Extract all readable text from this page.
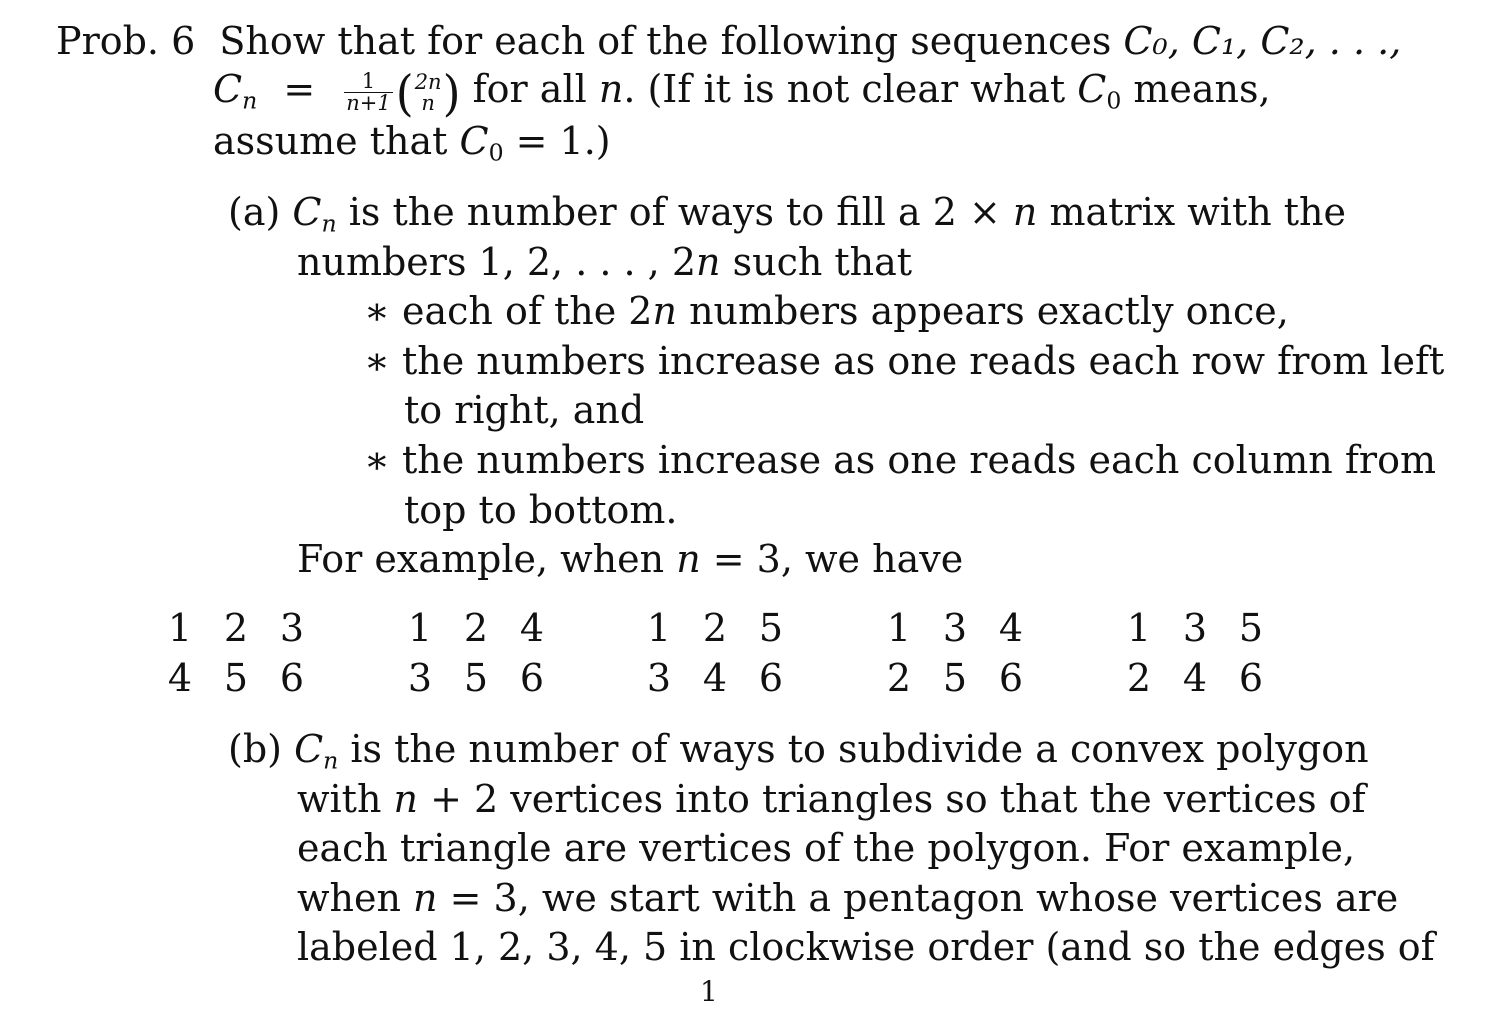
Prob. 6 Show that for each of the following sequences C₀, C₁, C₂, . . .,
$C_n = \frac{1}{n+1}$ ( 2n
n ) for all n. (If it is not clear what $C_0$ means,
assume that $C_0 = 1$.)
(a) $C_n$ is the number of ways to fill a 2 × n matrix with the
numbers 1, 2, . . . , 2n such that
∗ each of the 2n numbers appears exactly once,
∗ the numbers increase as one reads each row from left
to right, and
∗ the numbers increase as one reads each column from
top to bottom.
For example, when n = 3, we have
1 2 3
4 5 6
1 2 4
3 5 6
1 2 5
3 4 6
1 3 4
2 5 6
1 3 5
2 4 6
(b) $C_n$ is the number of ways to subdivide a convex polygon
with n + 2 vertices into triangles so that the vertices of
each triangle are vertices of the polygon. For example,
when n = 3, we start with a pentagon whose vertices are
labeled 1, 2, 3, 4, 5 in clockwise order (and so the edges of
1
